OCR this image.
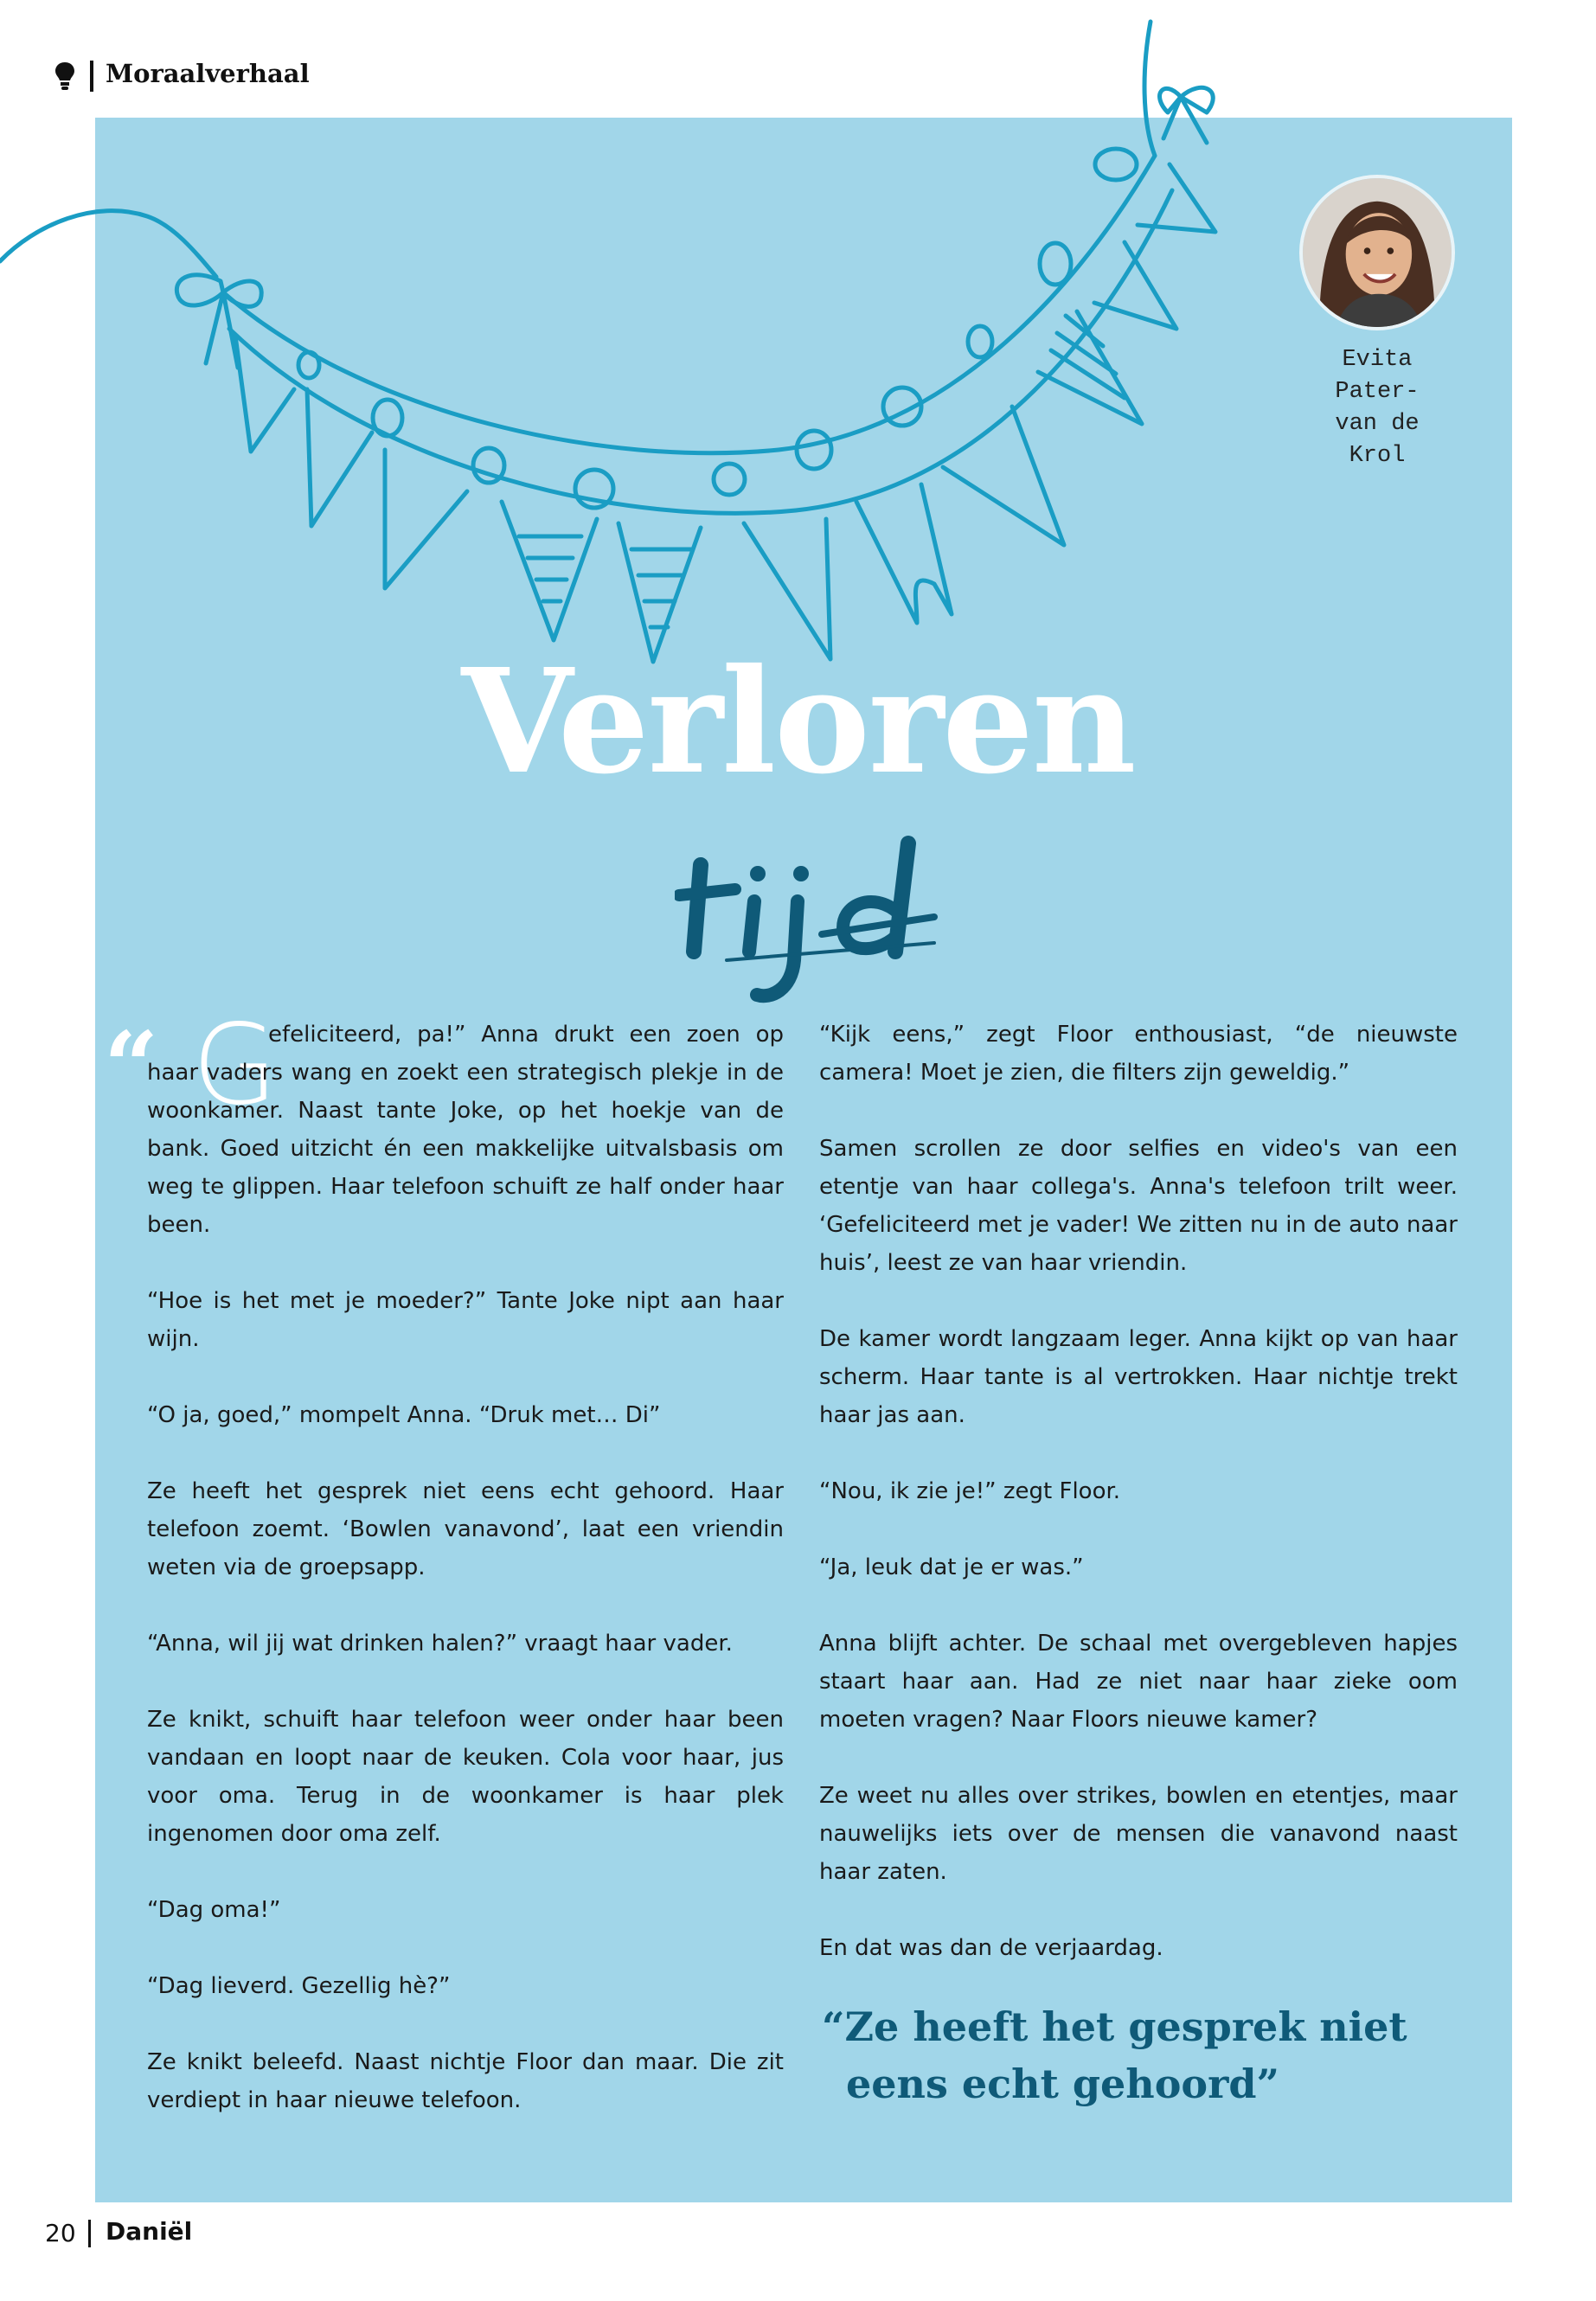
Moraalverhaal
Evita
Pater-
van de
Krol
Verloren
“ G

efeliciteerd, pa!” Anna drukt een zoen op haar vaders wang en zoekt een strategisch plekje in de woonkamer. Naast tante Joke, op het hoekje van de bank. Goed uitzicht én een makkelijke uitvalsbasis om weg te glippen. Haar telefoon schuift ze half onder haar been.

“Hoe is het met je moeder?” Tante Joke nipt aan haar wijn.

“O ja, goed,” mompelt Anna. “Druk met… Di”

Ze heeft het gesprek niet eens echt gehoord. Haar telefoon zoemt. ‘Bowlen vanavond’, laat een vriendin weten via de groepsapp.

“Anna, wil jij wat drinken halen?” vraagt haar vader.

Ze knikt, schuift haar telefoon weer onder haar been vandaan en loopt naar de keuken. Cola voor haar, jus voor oma. Terug in de woonkamer is haar plek ingenomen door oma zelf.

“Dag oma!”

“Dag lieverd. Gezellig hè?”

Ze knikt beleefd. Naast nichtje Floor dan maar. Die zit verdiept in haar nieuwe telefoon.

“Kijk eens,” zegt Floor enthousiast, “de nieuwste camera! Moet je zien, die filters zijn geweldig.”

Samen scrollen ze door selfies en video's van een etentje van haar collega's. Anna's telefoon trilt weer. ‘Gefeliciteerd met je vader! We zitten nu in de auto naar huis’, leest ze van haar vriendin.

De kamer wordt langzaam leger. Anna kijkt op van haar scherm. Haar tante is al vertrokken. Haar nichtje trekt haar jas aan.

“Nou, ik zie je!” zegt Floor.

“Ja, leuk dat je er was.”

Anna blijft achter. De schaal met overgebleven hapjes staart haar aan. Had ze niet naar haar zieke oom moeten vragen? Naar Floors nieuwe kamer?

Ze weet nu alles over strikes, bowlen en etentjes, maar nauwelijks iets over de mensen die vanavond naast haar zaten.

En dat was dan de verjaardag.

“Ze heeft het gesprek niet
eens echt gehoord”
20 Daniël
